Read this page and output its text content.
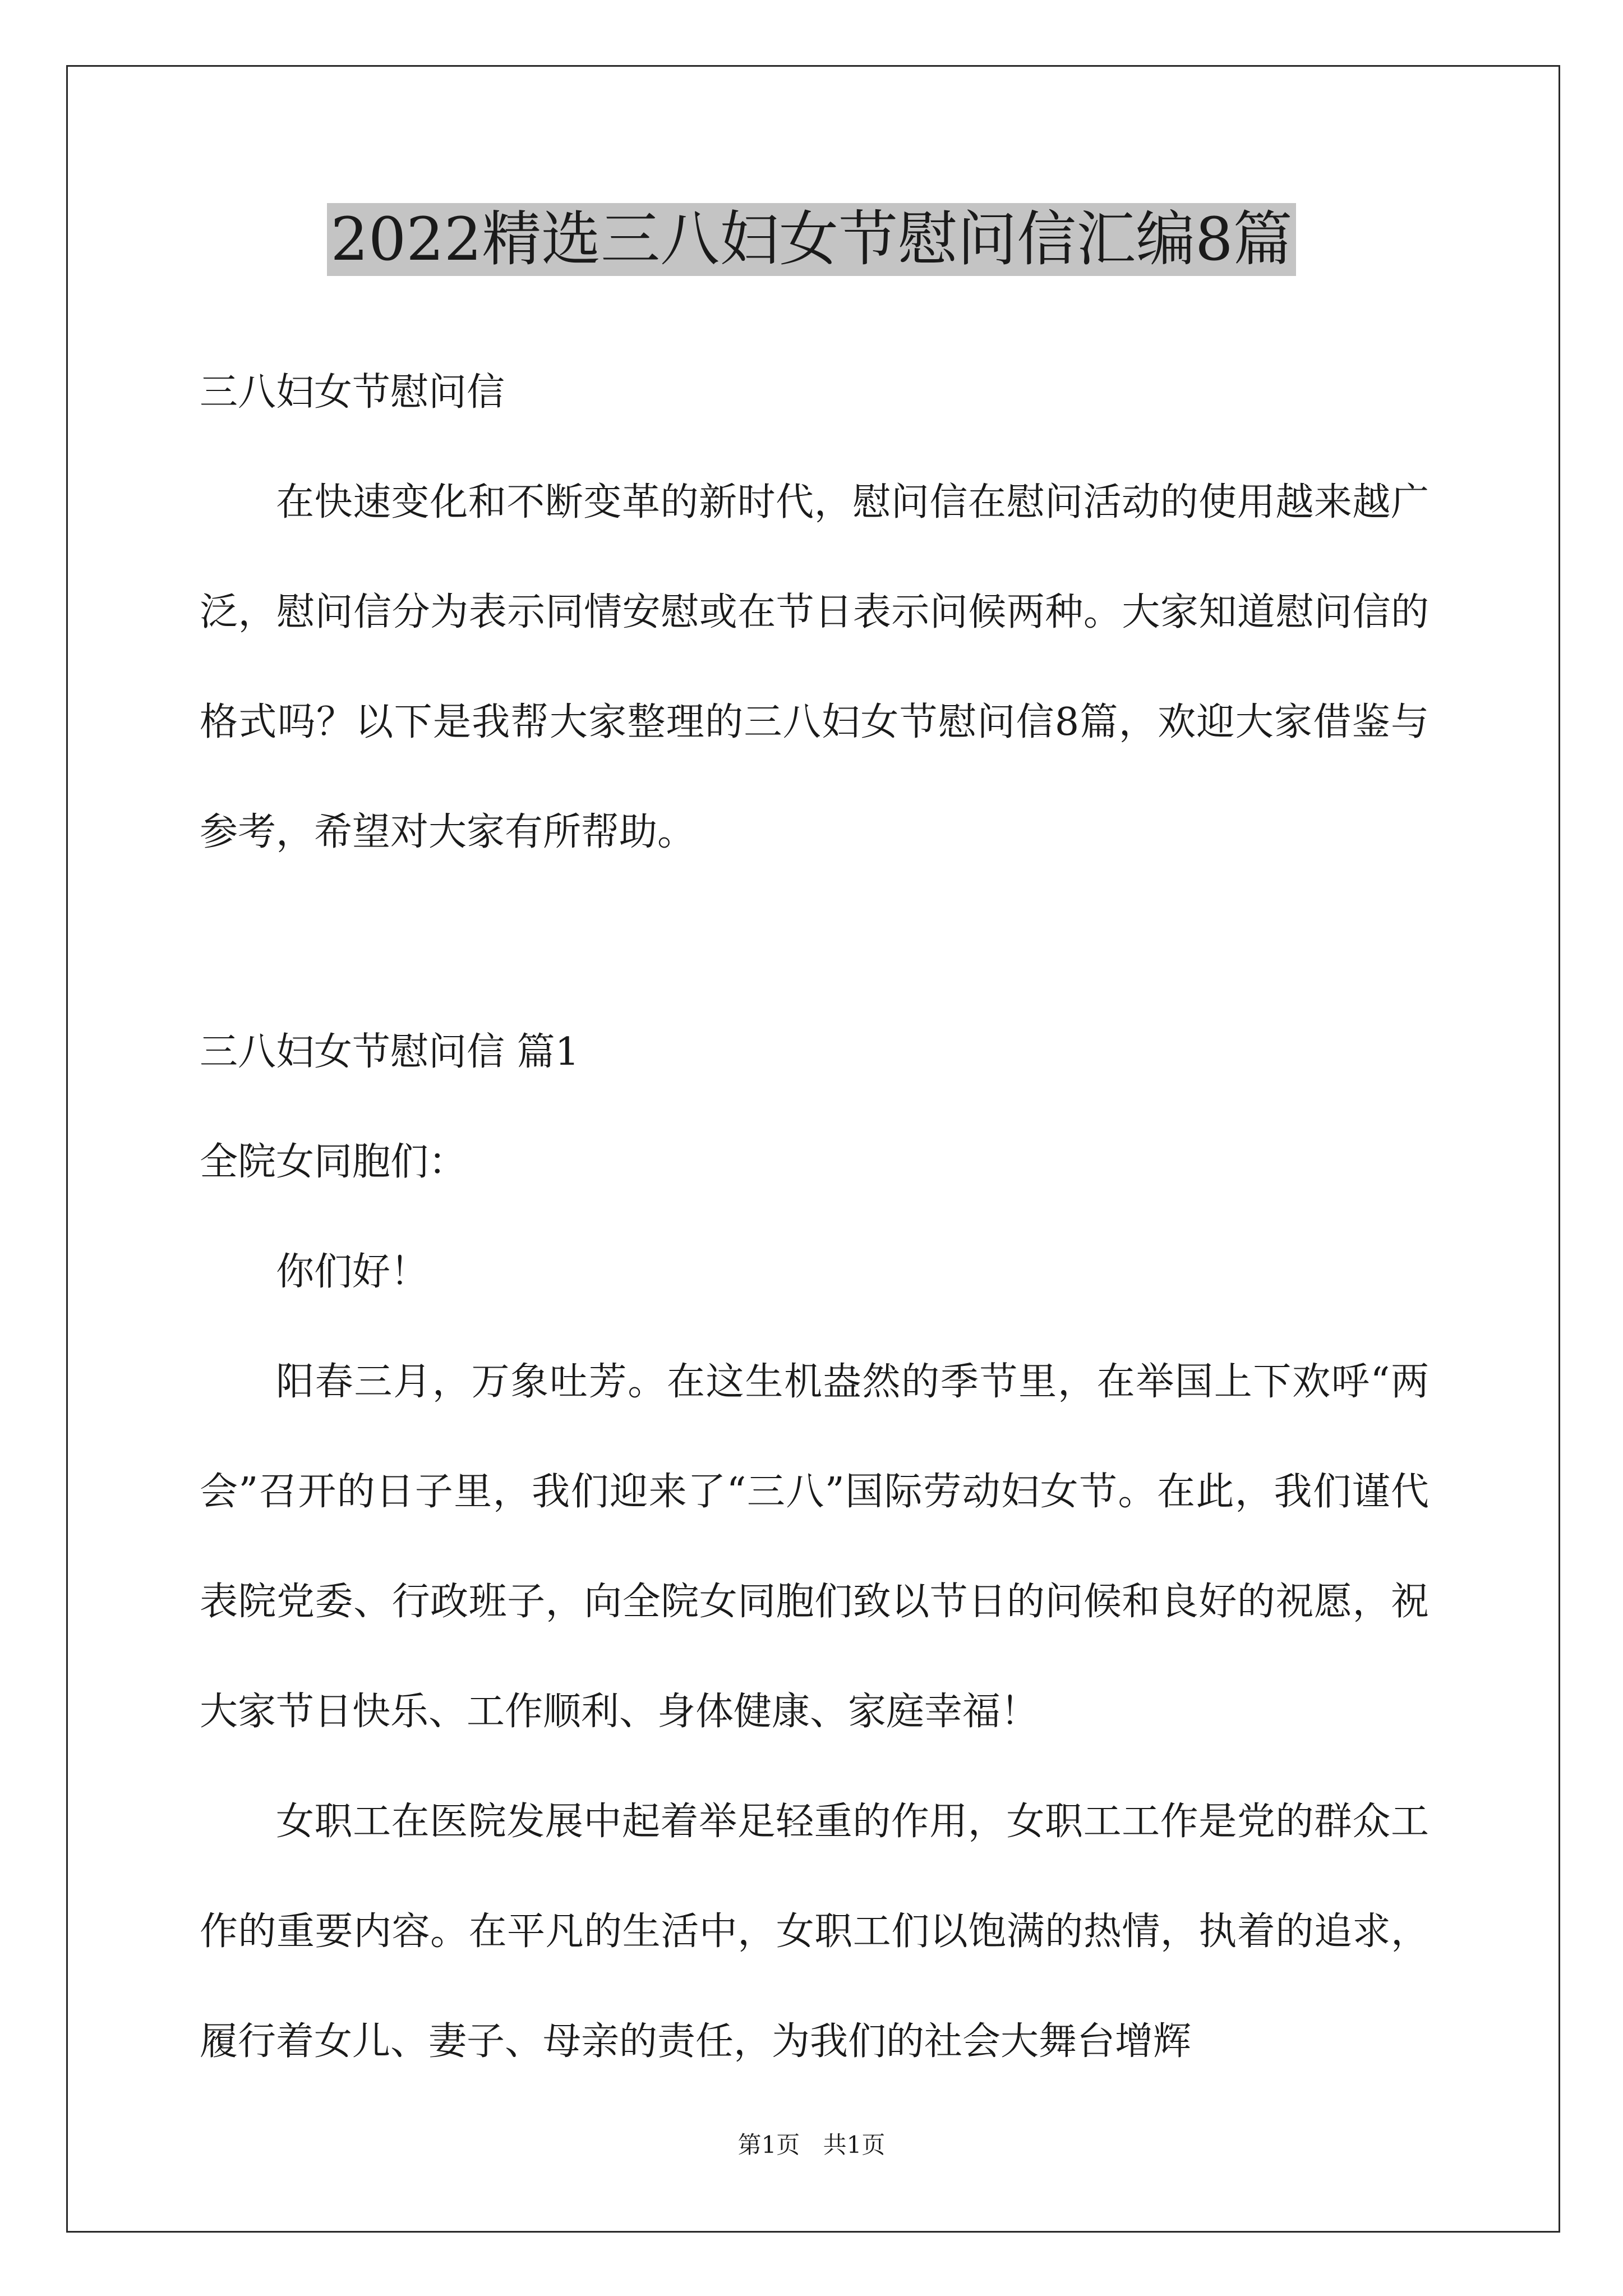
2022精选三八妇女节慰问信汇编8篇

三八妇女节慰问信

在快速变化和不断变革的新时代，慰问信在慰问活动的使用越来越广泛，慰问信分为表示同情安慰或在节日表示问候两种。大家知道慰问信的格式吗？以下是我帮大家整理的三八妇女节慰问信8篇，欢迎大家借鉴与参考，希望对大家有所帮助。

三八妇女节慰问信 篇1

全院女同胞们：

你们好！

阳春三月，万象吐芳。在这生机盎然的季节里，在举国上下欢呼“两会”召开的日子里，我们迎来了“三八”国际劳动妇女节。在此，我们谨代表院党委、行政班子，向全院女同胞们致以节日的问候和良好的祝愿，祝大家节日快乐、工作顺利、身体健康、家庭幸福！

女职工在医院发展中起着举足轻重的作用，女职工工作是党的群众工作的重要内容。在平凡的生活中，女职工们以饱满的热情，执着的追求，履行着女儿、妻子、母亲的责任，为我们的社会大舞台增辉

第1页 共1页
